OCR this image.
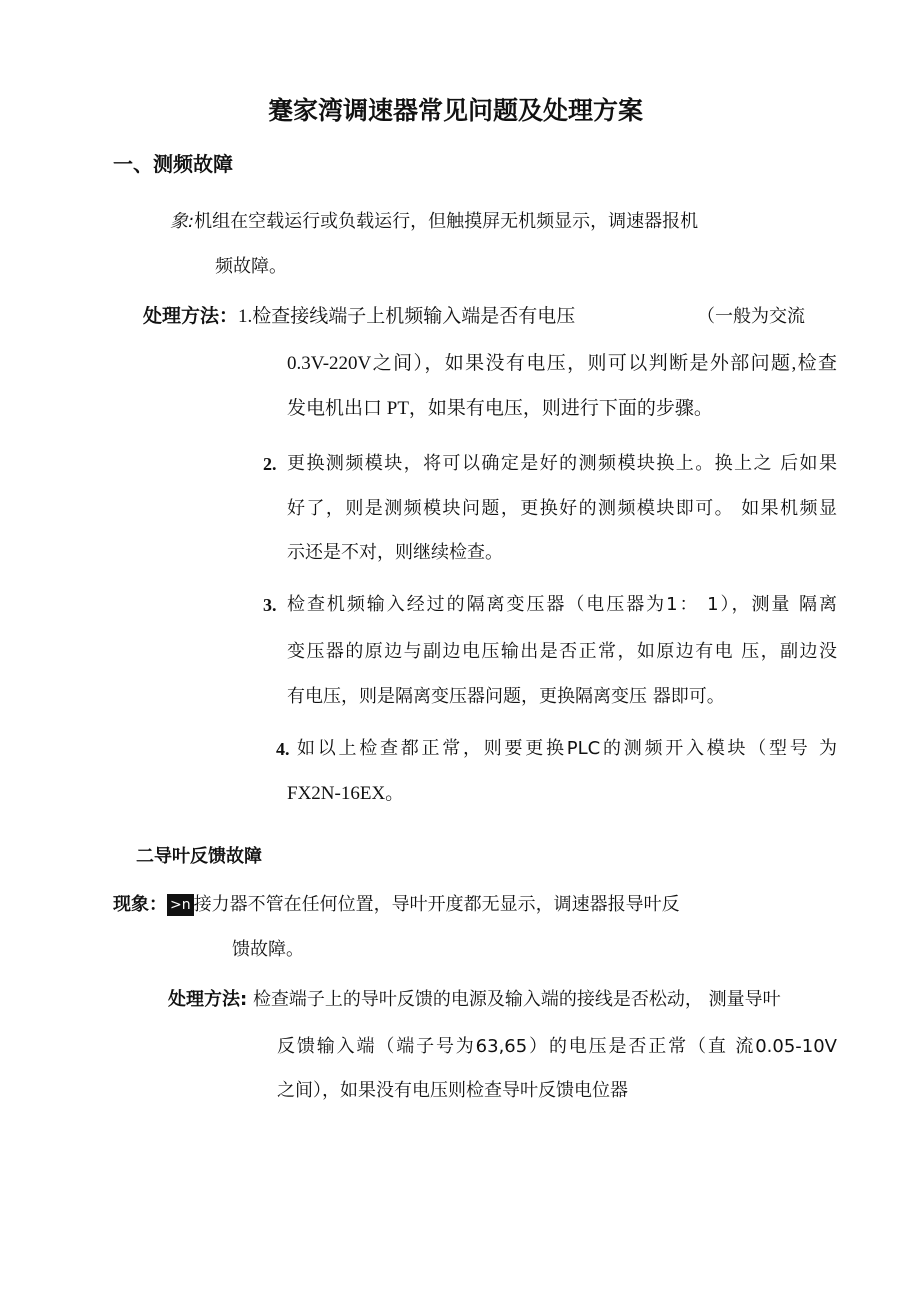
蹇家湾调速器常见问题及处理方案
一、测频故障
象:机组在空载运行或负载运行，但触摸屏无机频显示，调速器报机
频故障。
处理方法：1.检查接线端子上机频输入端是否有电压	（一般为交流
0.3V-220V之间），如果没有电压，则可以判断是外部问题,检查
发电机出口 PT，如果有电压，则进行下面的步骤。
2. 更换测频模块，将可以确定是好的测频模块换上。换上之 后如果
好了，则是测频模块问题，更换好的测频模块即可。 如果机频显
示还是不对，则继续检查。
3. 检查机频输入经过的隔离变压器（电压器为1： 1），测量 隔离
变压器的原边与副边电压输出是否正常，如原边有电 压，副边没
有电压，则是隔离变压器问题，更换隔离变压 器即可。
4. 如以上检查都正常，则要更换PLC的测频开入模块（型号 为
FX2N-16EX。
二导叶反馈故障
现象： >n 接力器不管在任何位置，导叶开度都无显示，调速器报导叶反
馈故障。
处理方法: 检查端子上的导叶反馈的电源及输入端的接线是否松动， 测量导叶
反馈输入端（端子号为63,65）的电压是否正常（直 流0.05-10V
之间），如果没有电压则检查导叶反馈电位器
